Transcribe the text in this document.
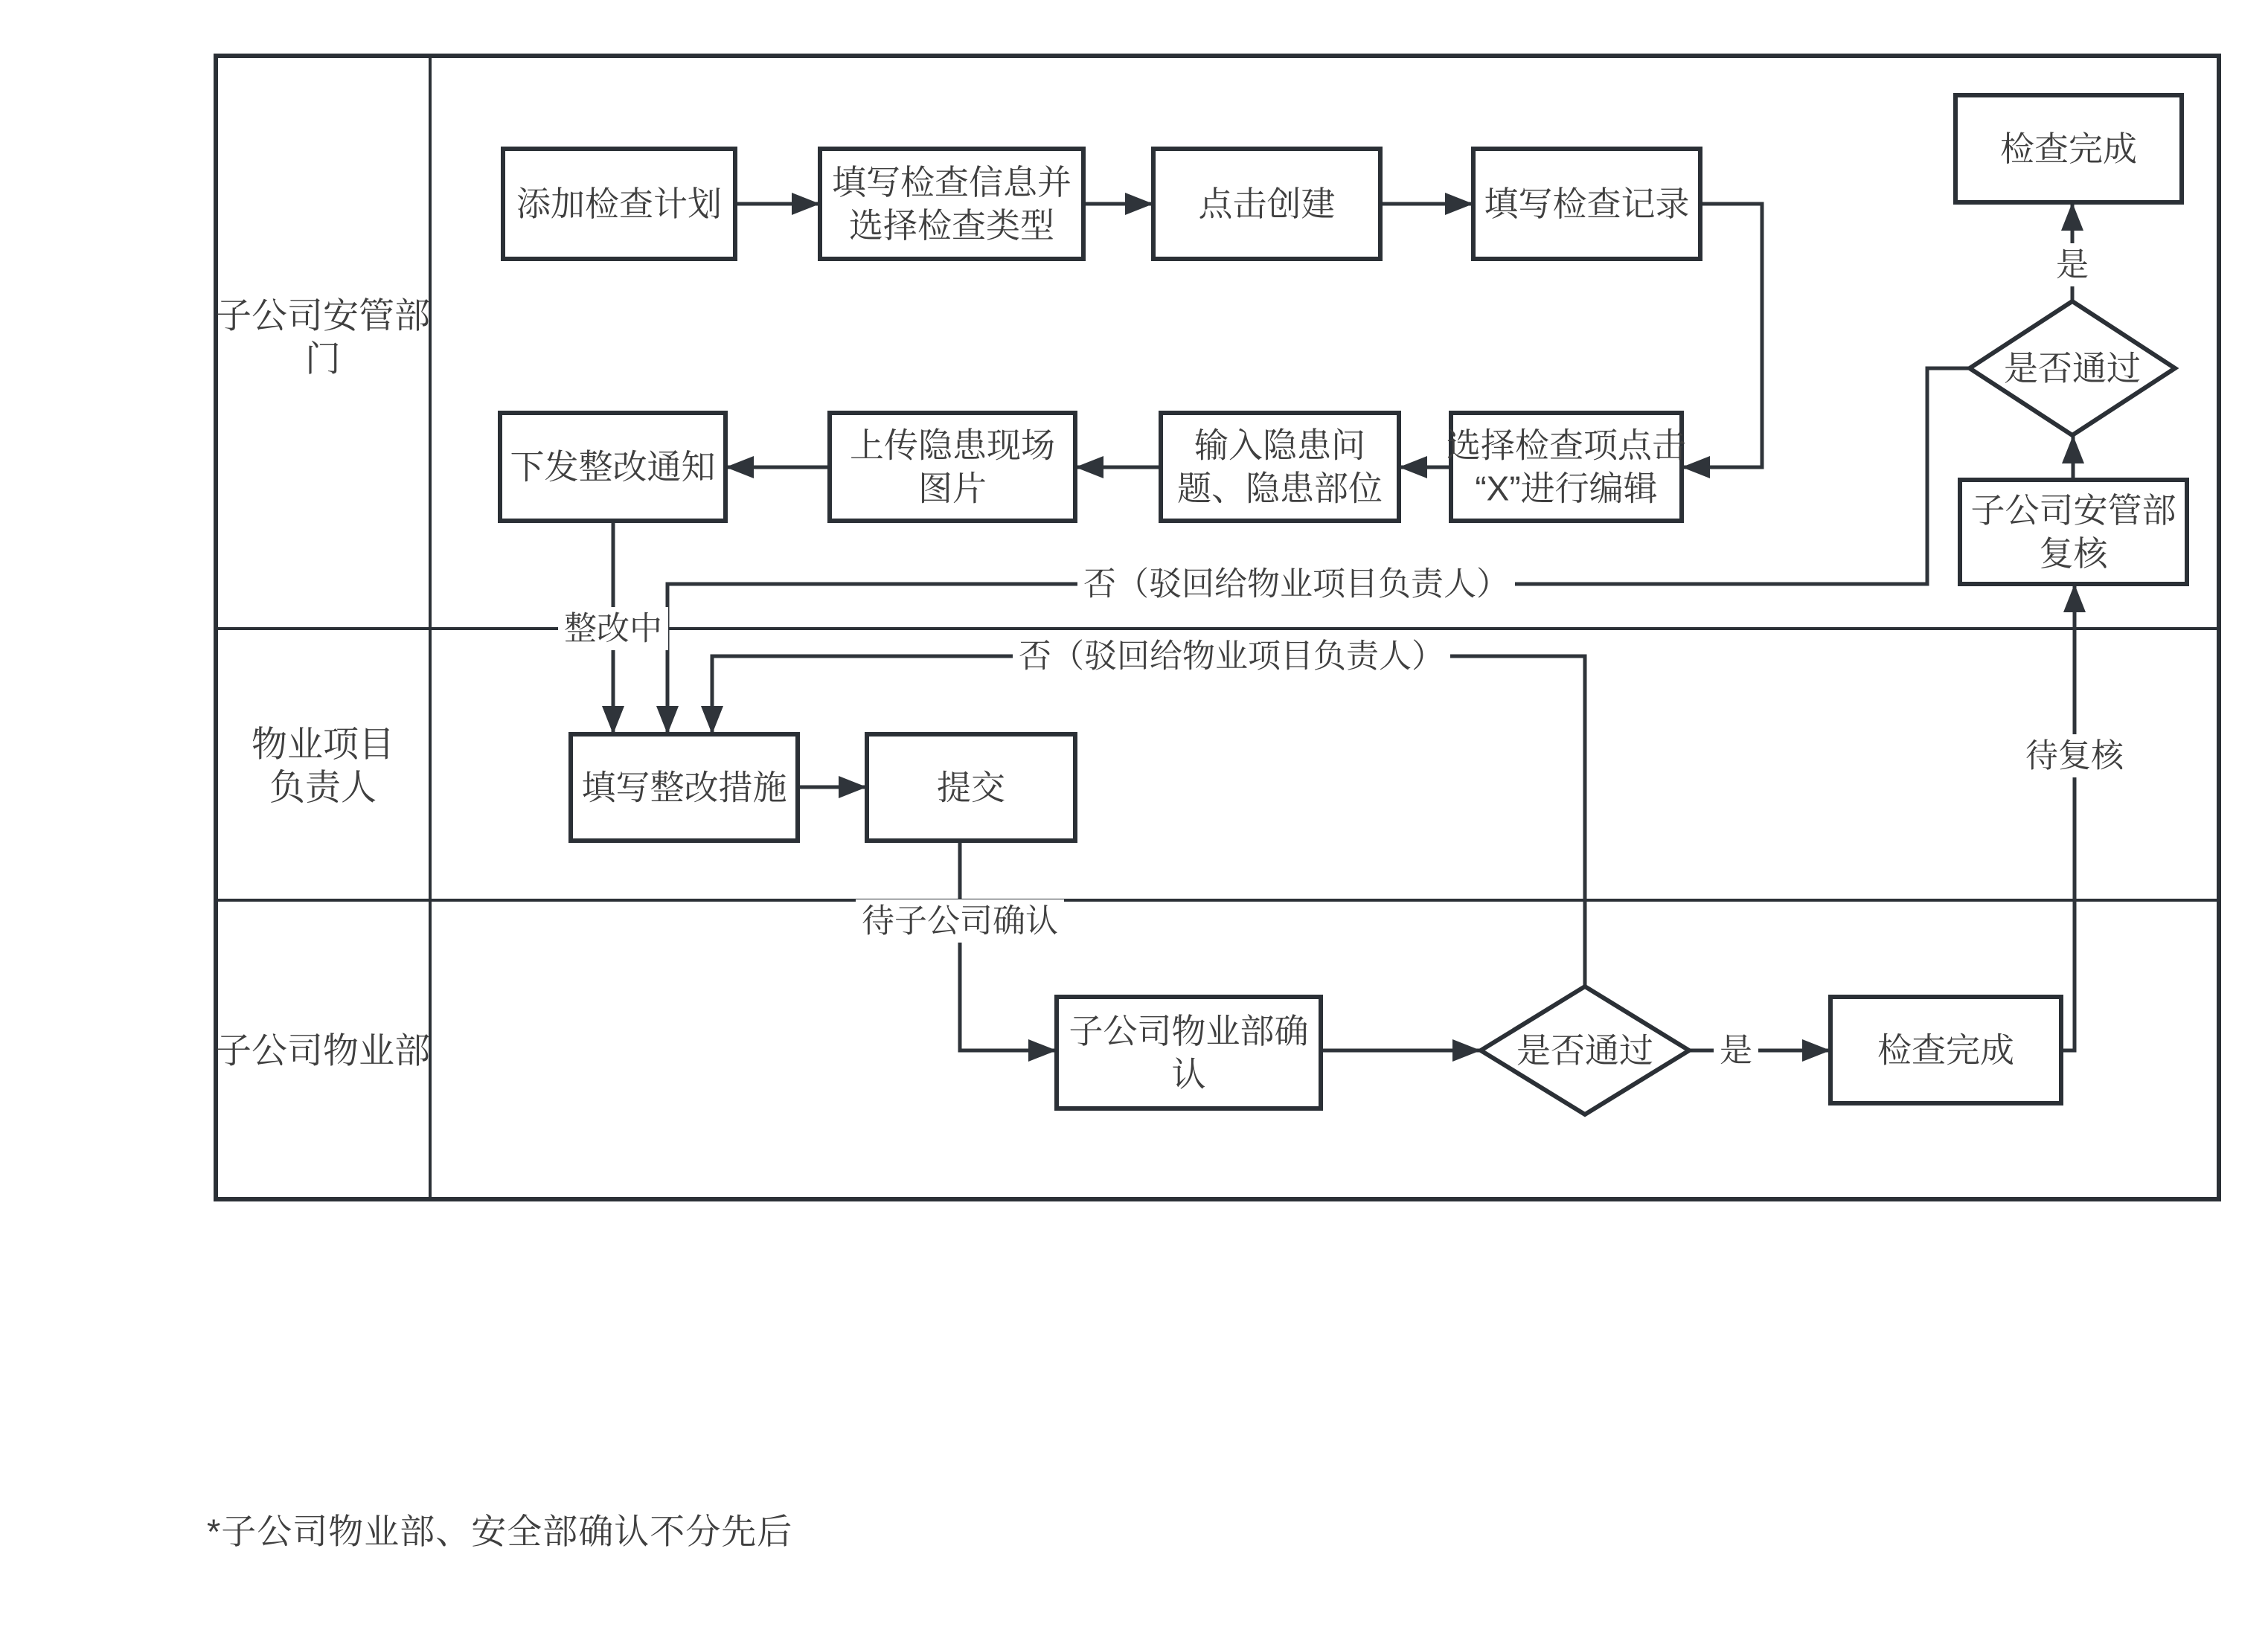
添加检查计划
填写检查信息并
选择检查类型
点击创建	填写检查记录
检查完成
是否通过
子公司安管部
复核
选择检查项点击
“X”进行编辑
输入隐患问
题、隐患部位
上传隐患现场
图片
下发整改通知
填写整改措施	提交
子公司物业部确
认
是否通过	检查完成
整改中
否（驳回给物业项目负责人）
否（驳回给物业项目负责人）
是
是
待子公司确认
待复核
子公司安管部
门
物业项目
负责人
子公司物业部
*子公司物业部、安全部确认不分先后
